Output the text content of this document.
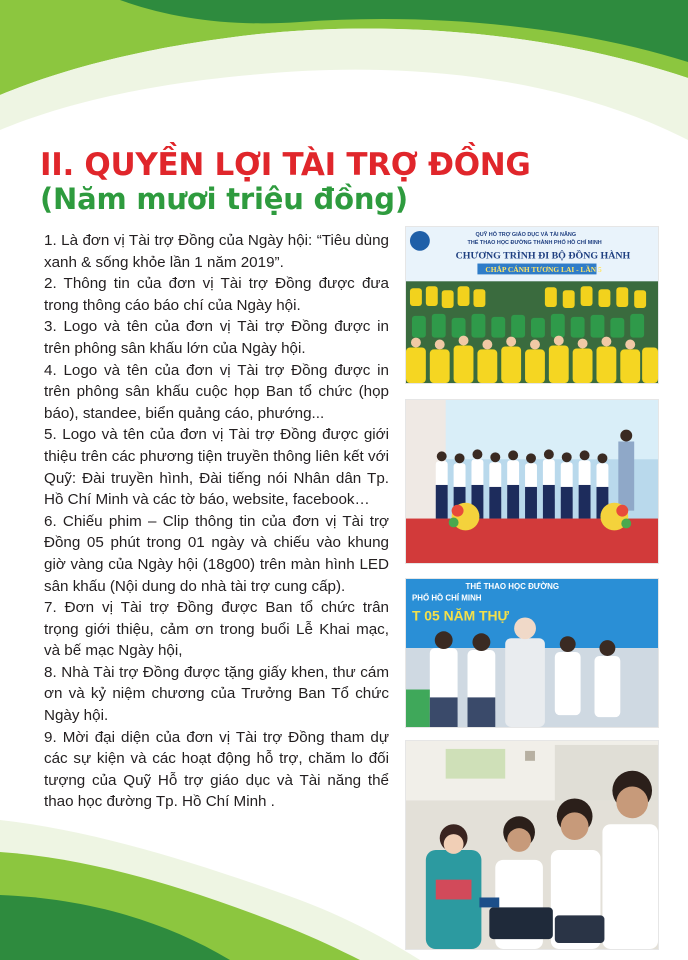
II. QUYỀN LỢI TÀI TRỢ ĐỒNG
(Năm mươi triệu đồng)
1. Là đơn vị Tài trợ Đồng của Ngày hội: “Tiêu dùng xanh & sống khỏe lần 1 năm 2019”.
2. Thông tin của đơn vị Tài trợ Đồng được đưa trong thông cáo báo chí của Ngày hội.
3. Logo và tên của đơn vị Tài trợ Đồng được in trên phông sân khấu lớn của Ngày hội.
4. Logo và tên của đơn vị Tài trợ Đồng được in trên phông sân khấu cuộc họp Ban tổ chức (họp báo), standee, biển quảng cáo, phướng...
5. Logo và tên của đơn vị Tài trợ Đồng được giới thiệu trên các phương tiện truyền thông liên kết với Quỹ: Đài truyền hình, Đài tiếng nói Nhân dân Tp. Hồ Chí Minh và các tờ báo, website, facebook…
6. Chiếu phim – Clip thông tin của đơn vị Tài trợ Đồng 05 phút trong 01 ngày và chiếu vào khung giờ vàng của Ngày hội (18g00) trên màn hình LED sân khấu (Nội dung do nhà tài trợ cung cấp).
7. Đơn vị Tài trợ Đồng được Ban tổ chức trân trọng giới thiệu, cảm ơn trong buổi Lễ Khai mạc, và bế mạc Ngày hội,
8. Nhà Tài trợ Đồng được tặng giấy khen, thư cám ơn và kỷ niệm chương của Trưởng Ban Tổ chức Ngày hội.
9. Mời đại diện của đơn vị Tài trợ Đồng tham dự các sự kiện và các hoạt động hỗ trợ, chăm lo đối tượng của Quỹ Hỗ trợ giáo dục và Tài năng thể thao học đường Tp. Hồ Chí Minh .
QUỸ HỖ TRỢ GIÁO DỤC VÀ TÀI NĂNG
THỂ THAO HỌC ĐƯỜNG THÀNH PHỐ HỒ CHÍ MINH
CHƯƠNG TRÌNH ĐI BỘ ĐỒNG HÀNH
CHẮP CÁNH TƯƠNG LAI - LẦN 5
THỂ THAO HỌC ĐƯỜNG
PHỐ HỒ CHÍ MINH
T 05 NĂM THỰ
